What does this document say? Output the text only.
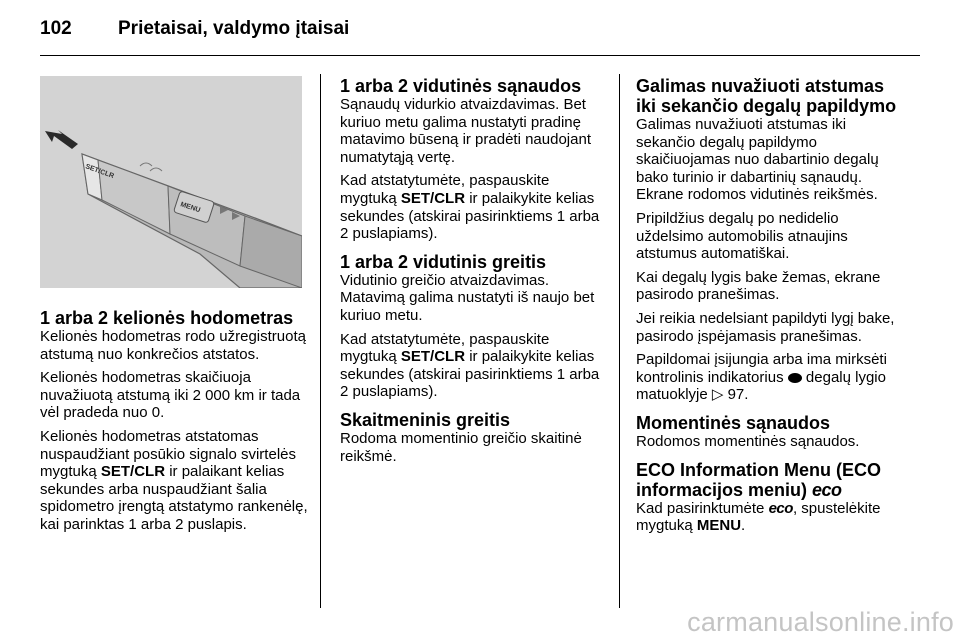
102 Prietaisai, valdymo įtaisai
SET/CLR
MENU
1 arba 2 kelionės hodometras

Kelionės hodometras rodo užregistruotą atstumą nuo konkrečios atstatos.

Kelionės hodometras skaičiuoja nuvažiuotą atstumą iki 2 000 km ir tada vėl pradeda nuo 0.

Kelionės hodometras atstatomas nuspaudžiant posūkio signalo svirtelės mygtuką SET/CLR ir palaikant kelias sekundes arba nuspaudžiant šalia spidometro įrengtą atstatymo rankenėlę, kai parinktas 1 arba 2 puslapis.

1 arba 2 vidutinės sąnaudos

Sąnaudų vidurkio atvaizdavimas. Bet kuriuo metu galima nustatyti pradinę matavimo būseną ir pradėti naudojant numatytąją vertę.

Kad atstatytumėte, paspauskite mygtuką SET/CLR ir palaikykite kelias sekundes (atskirai pasirinktiems 1 arba 2 puslapiams).

1 arba 2 vidutinis greitis

Vidutinio greičio atvaizdavimas. Matavimą galima nustatyti iš naujo bet kuriuo metu.

Kad atstatytumėte, paspauskite mygtuką SET/CLR ir palaikykite kelias sekundes (atskirai pasirinktiems 1 arba 2 puslapiams).

Skaitmeninis greitis

Rodoma momentinio greičio skaitinė reikšmė.

Galimas nuvažiuoti atstumas iki sekančio degalų papildymo

Galimas nuvažiuoti atstumas iki sekančio degalų papildymo skaičiuojamas nuo dabartinio degalų bako turinio ir dabartinių sąnaudų. Ekrane rodomos vidutinės reikšmės.

Pripildžius degalų po nedidelio uždelsimo automobilis atnaujins atstumus automatiškai.

Kai degalų lygis bake žemas, ekrane pasirodo pranešimas.

Jei reikia nedelsiant papildyti lygį bake, pasirodo įspėjamasis pranešimas.

Papildomai įsijungia arba ima mirksėti kontrolinis indikatorius  degalų lygio matuoklyje ▷ 97.

Momentinės sąnaudos

Rodomos momentinės sąnaudos.

ECO Information Menu (ECO informacijos meniu) eco

Kad pasirinktumėte eco, spustelėkite mygtuką MENU.

carmanualsonline.info
